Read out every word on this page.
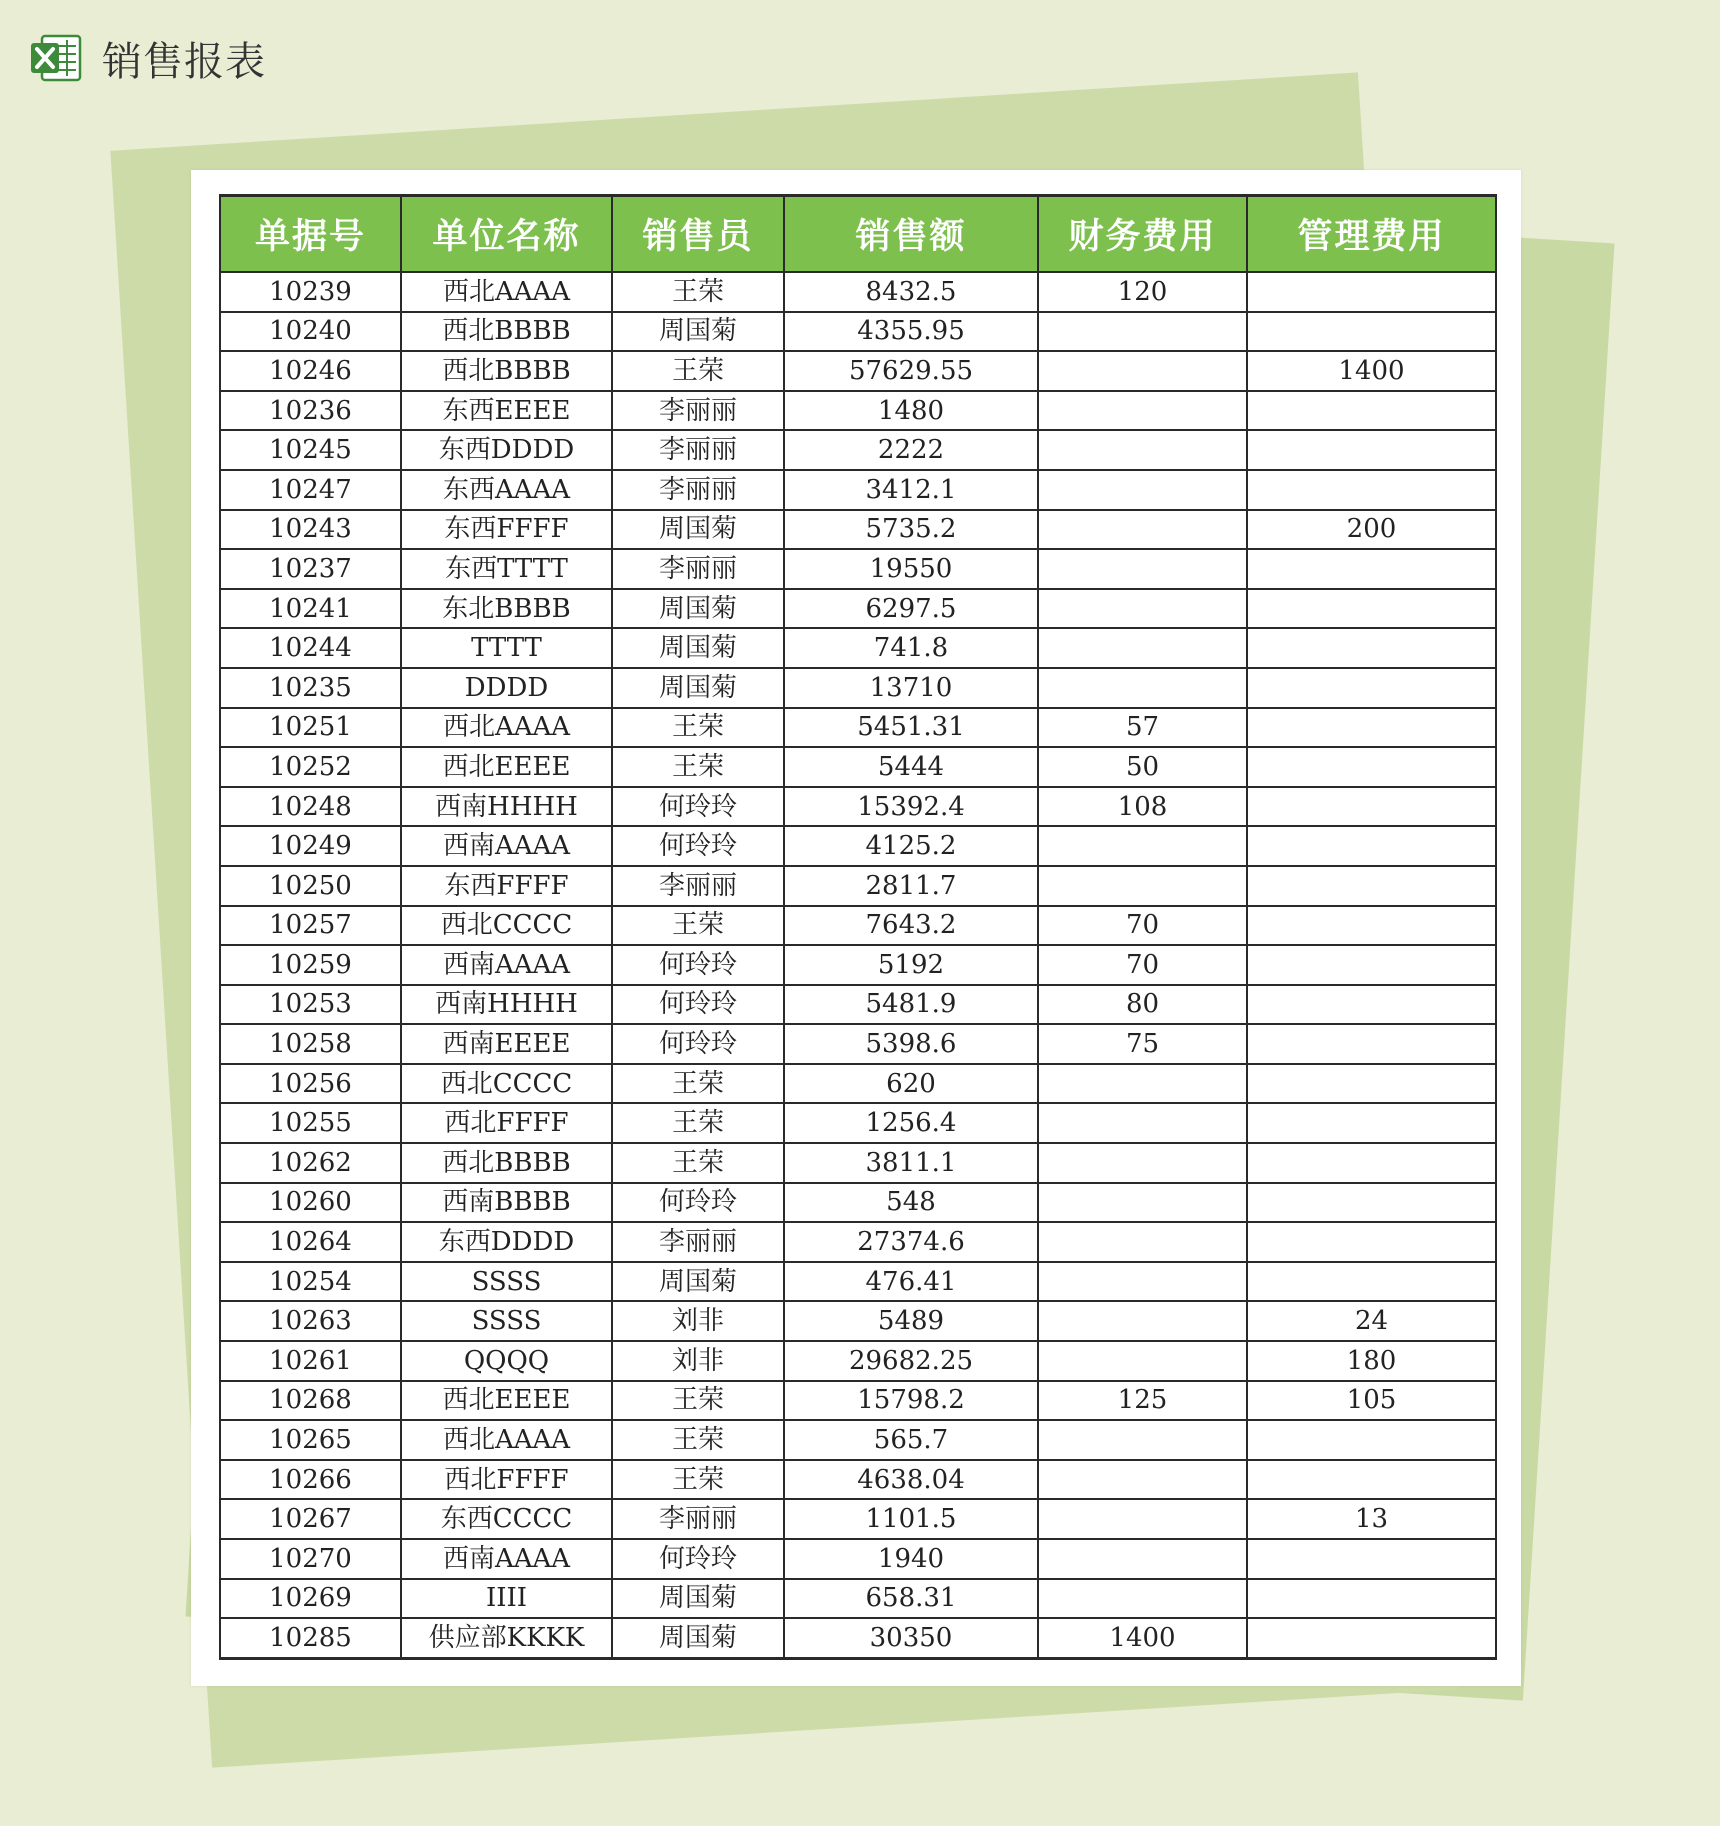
销售报表
单据号	单位名称	销售员	销售额	财务费用	管理费用
10239	西北AAAA	王荣	8432.5	120	
10240	西北BBBB	周国菊	4355.95		
10246	西北BBBB	王荣	57629.55		1400
10236	东西EEEE	李丽丽	1480		
10245	东西DDDD	李丽丽	2222		
10247	东西AAAA	李丽丽	3412.1		
10243	东西FFFF	周国菊	5735.2		200
10237	东西TTTT	李丽丽	19550		
10241	东北BBBB	周国菊	6297.5		
10244	TTTT	周国菊	741.8		
10235	DDDD	周国菊	13710		
10251	西北AAAA	王荣	5451.31	57	
10252	西北EEEE	王荣	5444	50	
10248	西南HHHH	何玲玲	15392.4	108	
10249	西南AAAA	何玲玲	4125.2		
10250	东西FFFF	李丽丽	2811.7		
10257	西北CCCC	王荣	7643.2	70	
10259	西南AAAA	何玲玲	5192	70	
10253	西南HHHH	何玲玲	5481.9	80	
10258	西南EEEE	何玲玲	5398.6	75	
10256	西北CCCC	王荣	620		
10255	西北FFFF	王荣	1256.4		
10262	西北BBBB	王荣	3811.1		
10260	西南BBBB	何玲玲	548		
10264	东西DDDD	李丽丽	27374.6		
10254	SSSS	周国菊	476.41		
10263	SSSS	刘非	5489		24
10261	QQQQ	刘非	29682.25		180
10268	西北EEEE	王荣	15798.2	125	105
10265	西北AAAA	王荣	565.7		
10266	西北FFFF	王荣	4638.04		
10267	东西CCCC	李丽丽	1101.5		13
10270	西南AAAA	何玲玲	1940		
10269	IIII	周国菊	658.31		
10285	供应部KKKK	周国菊	30350	1400	
